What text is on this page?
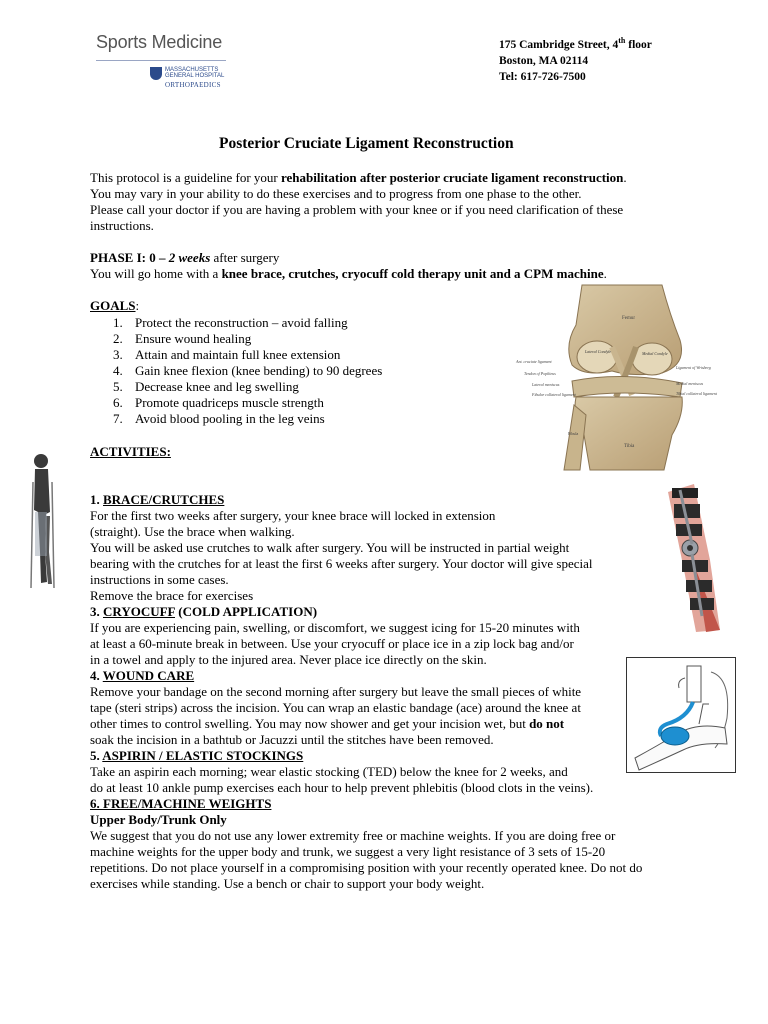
Sports Medicine
MASSACHUSETTS
GENERAL HOSPITAL
ORTHOPAEDICS
175 Cambridge Street, 4th floor
Boston, MA 02114
Tel: 617-726-7500
Posterior Cruciate Ligament Reconstruction
This protocol is a guideline for your rehabilitation after posterior cruciate ligament reconstruction.
You may vary in your ability to do these exercises and to progress from one phase to the other.
Please call your doctor if you are having a problem with your knee or if you need clarification of these
instructions.
PHASE I: 0 – 2 weeks after surgery
You will go home with a knee brace, crutches, cryocuff cold therapy unit and a CPM machine.
GOALS:
1. Protect the reconstruction – avoid falling
2. Ensure wound healing
3. Attain and maintain full knee extension
4. Gain knee flexion (knee bending) to 90 degrees
5. Decrease knee and leg swelling
6. Promote quadriceps muscle strength
7. Avoid blood pooling in the leg veins
Femur
Ant. cruciate ligament
Tendon of Popliteus
Lateral meniscus
Fibular collateral ligament
Lateral Condyle	Medial Condyle
Ligament of Wrisberg
Medial meniscus
Tibial collateral ligament
Fibula
Tibia
ACTIVITIES:
1. BRACE/CRUTCHES
For the first two weeks after surgery, your knee brace will locked in extension
(straight). Use the brace when walking.
You will be asked use crutches to walk after surgery. You will be instructed in partial weight
bearing with the crutches for at least the first 6 weeks after surgery. Your doctor will give special
instructions in some cases.
Remove the brace for exercises
3. CRYOCUFF (COLD APPLICATION)
If you are experiencing pain, swelling, or discomfort, we suggest icing for 15-20 minutes with
at least a 60-minute break in between. Use your cryocuff or place ice in a zip lock bag and/or
in a towel and apply to the injured area. Never place ice directly on the skin.
4. WOUND CARE
Remove your bandage on the second morning after surgery but leave the small pieces of white
tape (steri strips) across the incision. You can wrap an elastic bandage (ace) around the knee at
other times to control swelling. You may now shower and get your incision wet, but do not
soak the incision in a bathtub or Jacuzzi until the stitches have been removed.
5. ASPIRIN / ELASTIC STOCKINGS
Take an aspirin each morning; wear elastic stocking (TED) below the knee for 2 weeks, and
do at least 10 ankle pump exercises each hour to help prevent phlebitis (blood clots in the veins).
6. FREE/MACHINE WEIGHTS
Upper Body/Trunk Only
We suggest that you do not use any lower extremity free or machine weights. If you are doing free or
machine weights for the upper body and trunk, we suggest a very light resistance of 3 sets of 15-20
repetitions. Do not place yourself in a compromising position with your recently operated knee. Do not do
exercises while standing. Use a bench or chair to support your body weight.
